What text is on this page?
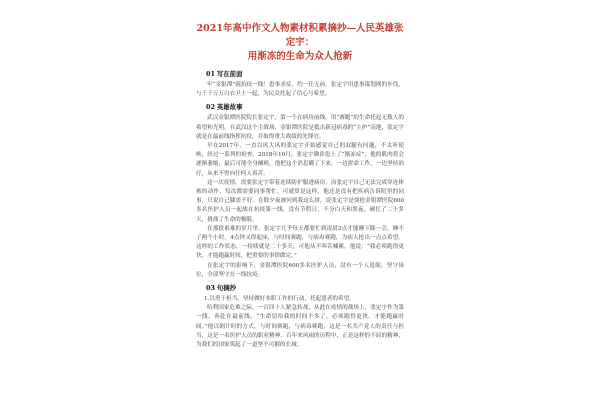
2021年高中作文人物素材积累摘抄—人民英雄张定宇：
用渐冻的生命为众人抢新
01 写在前面

牢“金银潭”就抗疫一线！患事求症，约一往无前，张定宇用患事谋划网的步伐，与千千万万白衣卫士一起，为民众托起了信心与希望。

02 英雄故事

武汉金银潭医院院长张定宇，第一个在病房前线，用“赛跑”的生命托起无数人的希望和光明。在武汉这个主战场，金银潭医院是抵击新冠病毒的“主护”高地，张定宇就是在最前线指挥抗疫，并取得重大战绩的先锋官。

早在2017年，一直以风大风的张定宇开始感觉自己的双腿有问题，不太听使唤，经过一系列的检查，2018年10月，张定宇确诊患上了“渐冻症”，他的肌肉将会逐渐萎缩，最后可能全身瘫痪，他把这个消息瞒了下来，一边拼命工作，一边坚持治疗，从来不曾向任何人诉苦。

这一次疫情，需要张定宇带着连续防护服进病房，而张定宇自己无法完成穿连体裤的动作，每次都需要同事帮忙。可就算是这样，他还是没有把疾病告诉院里的同事，只说自己膝盖不好。在除夕夜被问到我这么拼，说张定宇是要抢金银潭医院600多名医护人员一起战在抗疫第一线，没有节假日，不分白天和黑夜，硬扛了二十多天，挑战了生命的极限。

在那段艰难的岁月里，张定宇几乎每天都要忙到凌晨2点才能睡下眯一会，睡不了两个小时，4点钟又得起床，与时间赛跑，与病毒赛跑，为病人抢出一点点希望。这样的工作状态，一持续就是二十多天，可他从不叫苦喊累，他说：“我必须跑得更快，才能跑赢时间，把重要的事情做完。”

在张定宇的影响下，金银潭医院600多名医护人员，没有一个人退缩，坚守岗位，全部坚守在一线抗疫。

03 句摘抄

1.以勇于担当，坚持做好本职工作的行动，托起患者的希望。

哈利国家危难之际，一百四十人紧急转战，从此在疫情的战场上，张定宇作为第一线，奔赴在最前线，“生命留给我的时间不多了，必须跑得更快，才能跑赢时间。”他以倒计时的方式，与时间赛跑，与病毒赛跑，这是一名共产党人的责任与担当，这是一名医护人员的职业精神。百年来风雨的历程中，正是这样的不屈的精神，为我们的国家筑起了一道坚不可摧的长城。
